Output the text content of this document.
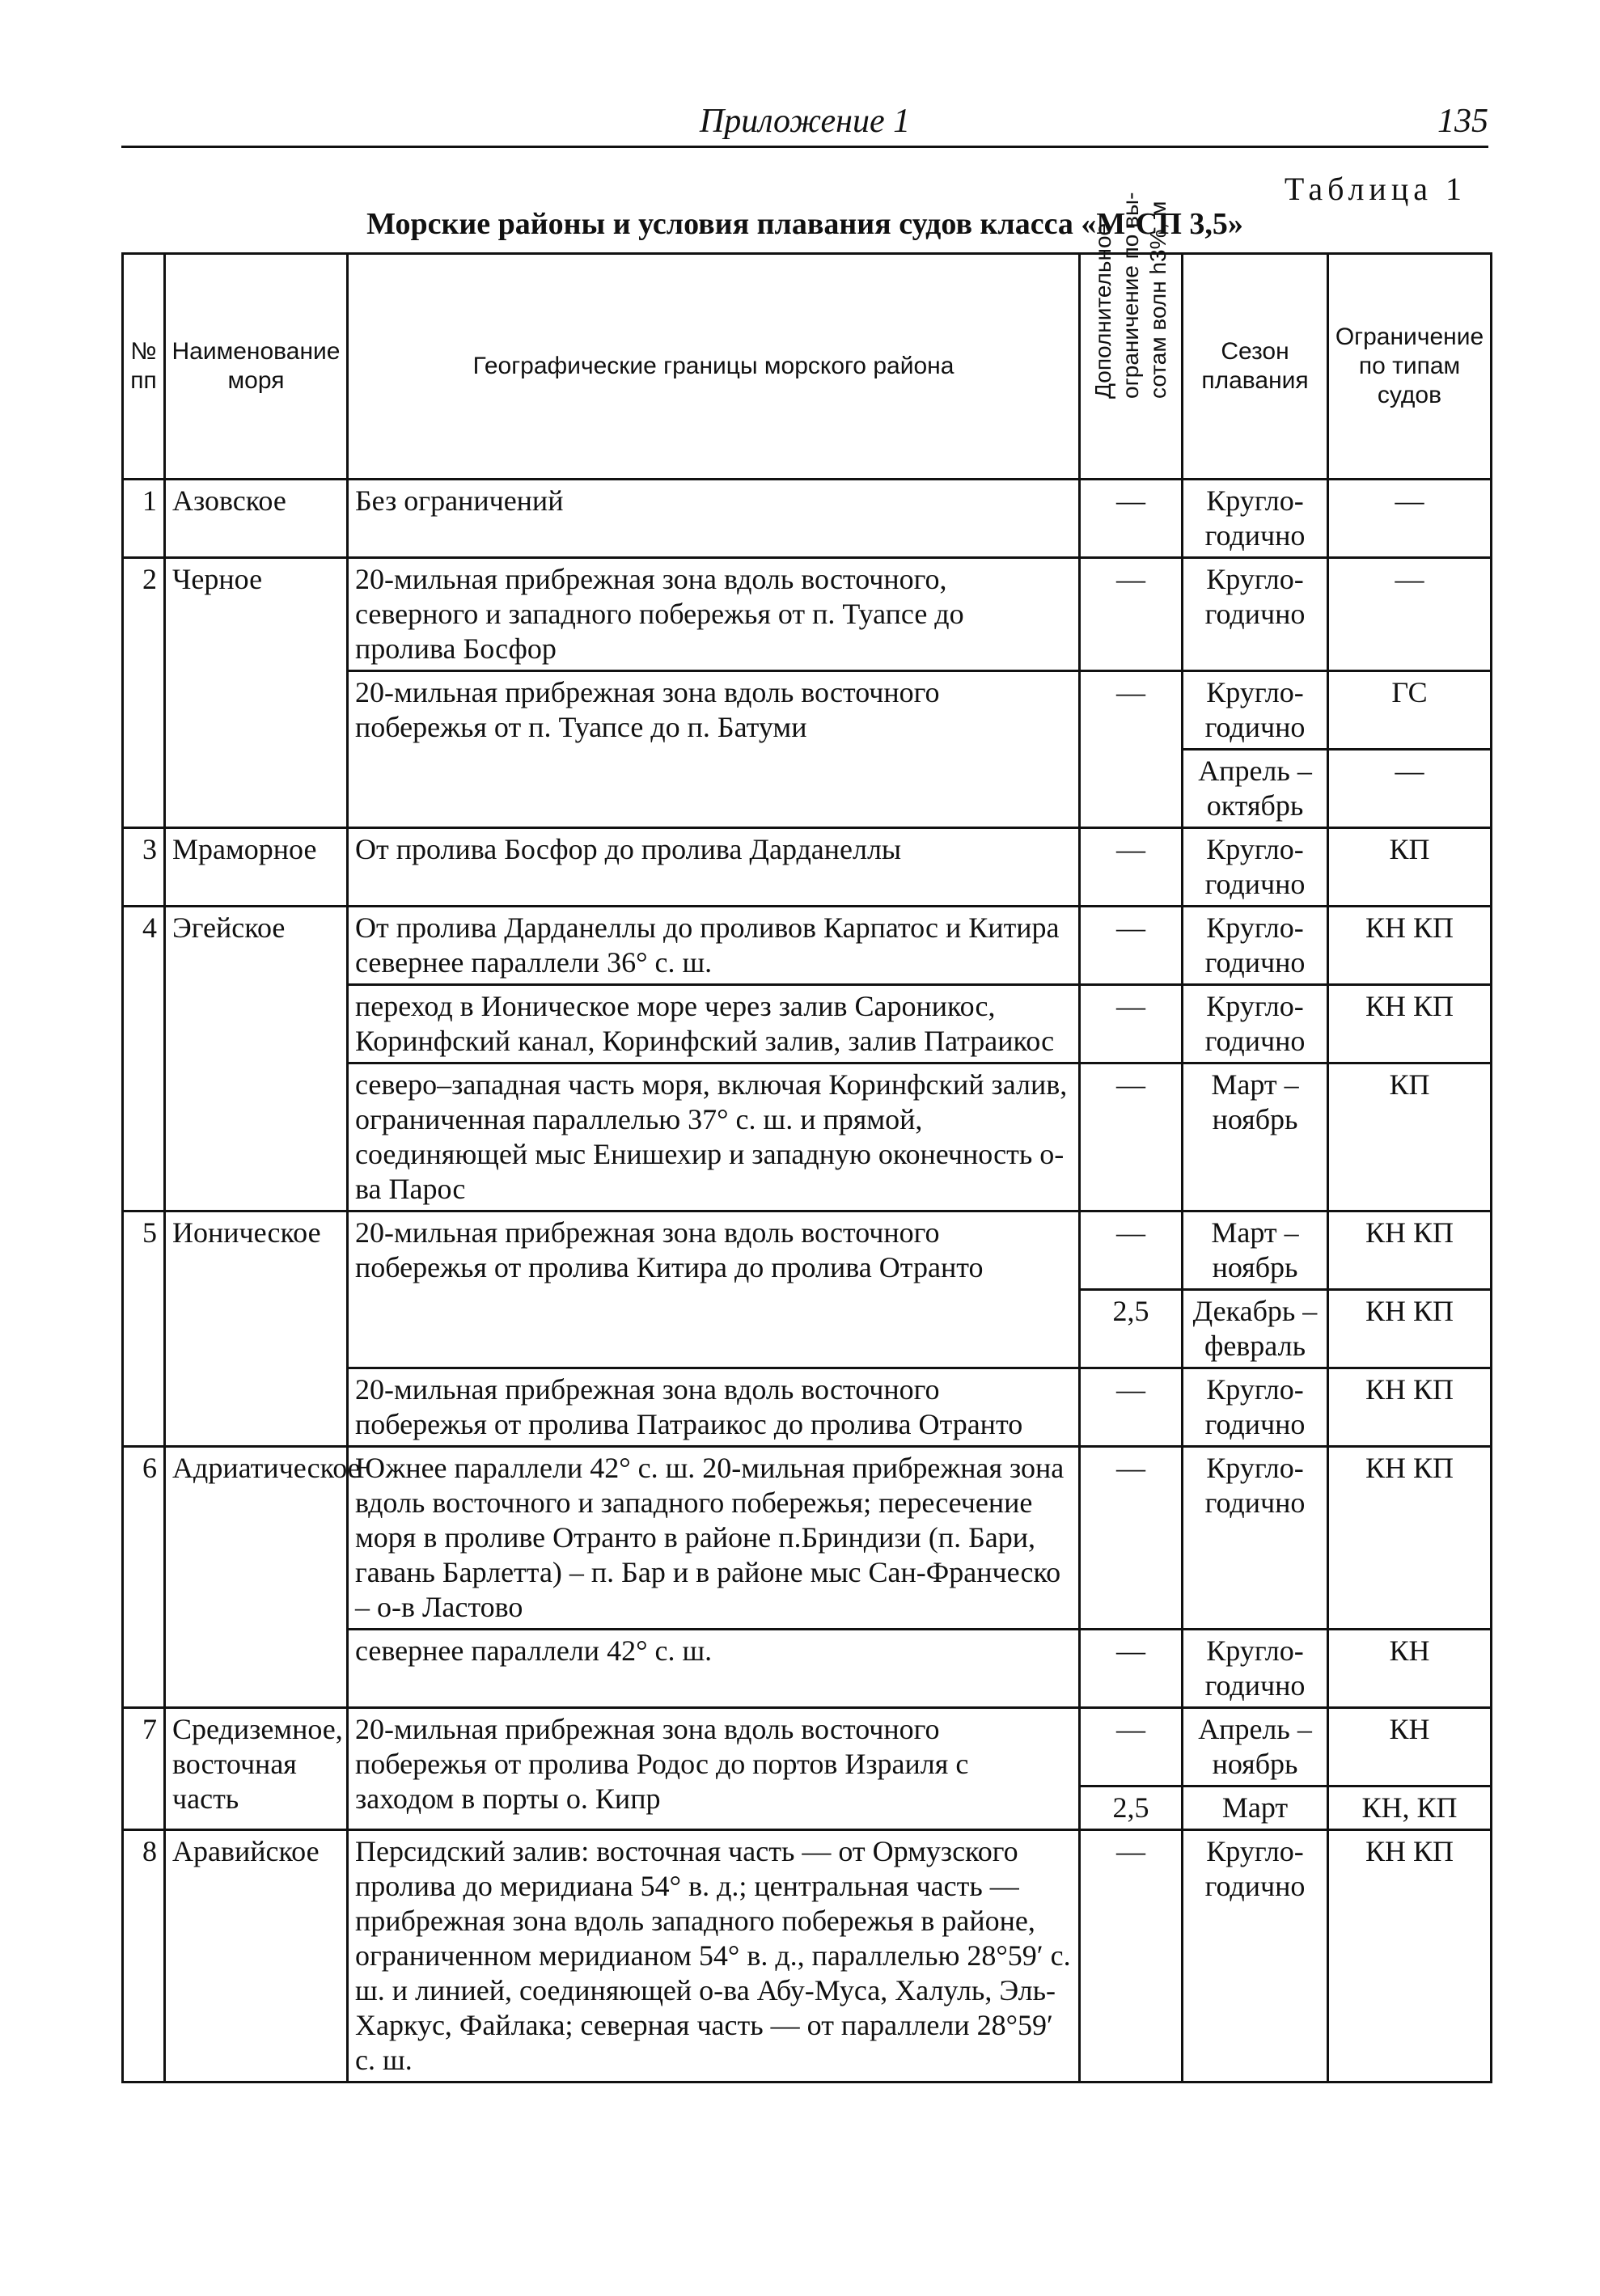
Приложение 1	135
Таблица 1
Морские районы и условия плавания судов класса «М-СП 3,5»
№ пп	Наименование моря	Географические границы морского района	Дополнительное ограничение по вы- сотам волн h3%, м	Сезон плавания	Ограничение по типам судов
1	Азовское	Без ограничений	—	Кругло-годично	—
2	Черное	20-мильная прибрежная зона вдоль восточного, северного и западного побережья от п. Туапсе до пролива Босфор	—	Кругло-годично	—
		20-мильная прибрежная зона вдоль восточного побережья от п. Туапсе до п. Батуми	—	Кругло-годично	ГС
				Апрель – октябрь	—
3	Мраморное	От пролива Босфор до пролива Дарданеллы	—	Кругло-годично	КП
4	Эгейское	От пролива Дарданеллы до проливов Карпатос и Китира севернее параллели 36° с. ш.	—	Кругло-годично	КН КП
		переход в Ионическое море через залив Сароникос, Коринфский канал, Коринфский залив, залив Патраикос	—	Кругло-годично	КН КП
		северо–западная часть моря, включая Коринфский залив, ограниченная параллелью 37° с. ш. и прямой, соединяющей мыс Енишехир и западную оконечность о-ва Парос	—	Март – ноябрь	КП
5	Ионическое	20-мильная прибрежная зона вдоль восточного побережья от пролива Китира до пролива Отранто	—	Март – ноябрь	КН КП
			2,5	Декабрь – февраль	КН КП
		20-мильная прибрежная зона вдоль восточного побережья от пролива Патраикос до пролива Отранто	—	Кругло-годично	КН КП
6	Адриатическое	Южнее параллели 42° с. ш. 20-мильная прибрежная зона вдоль восточного и западного побережья; пересечение моря в проливе Отранто в районе п.Бриндизи (п. Бари, гавань Барлетта) – п. Бар и в районе мыс Сан-Франческо – о-в Ластово	—	Кругло-годично	КН КП
		севернее параллели 42° с. ш.	—	Кругло-годично	КН
7	Средиземное, восточная часть	20-мильная прибрежная зона вдоль восточного побережья от пролива Родос до портов Израиля с заходом в порты о. Кипр	—	Апрель – ноябрь	КН
			2,5	Март	КН, КП
8	Аравийское	Персидский залив: восточная часть — от Ормузского пролива до меридиана 54° в. д.; центральная часть — прибрежная зона вдоль западного побережья в районе, ограниченном меридианом 54° в. д., параллелью 28°59′ с. ш. и линией, соединяющей о-ва Абу-Муса, Халуль, Эль-Харкус, Файлака; северная часть — от параллели 28°59′ с. ш.	—	Кругло-годично	КН КП
